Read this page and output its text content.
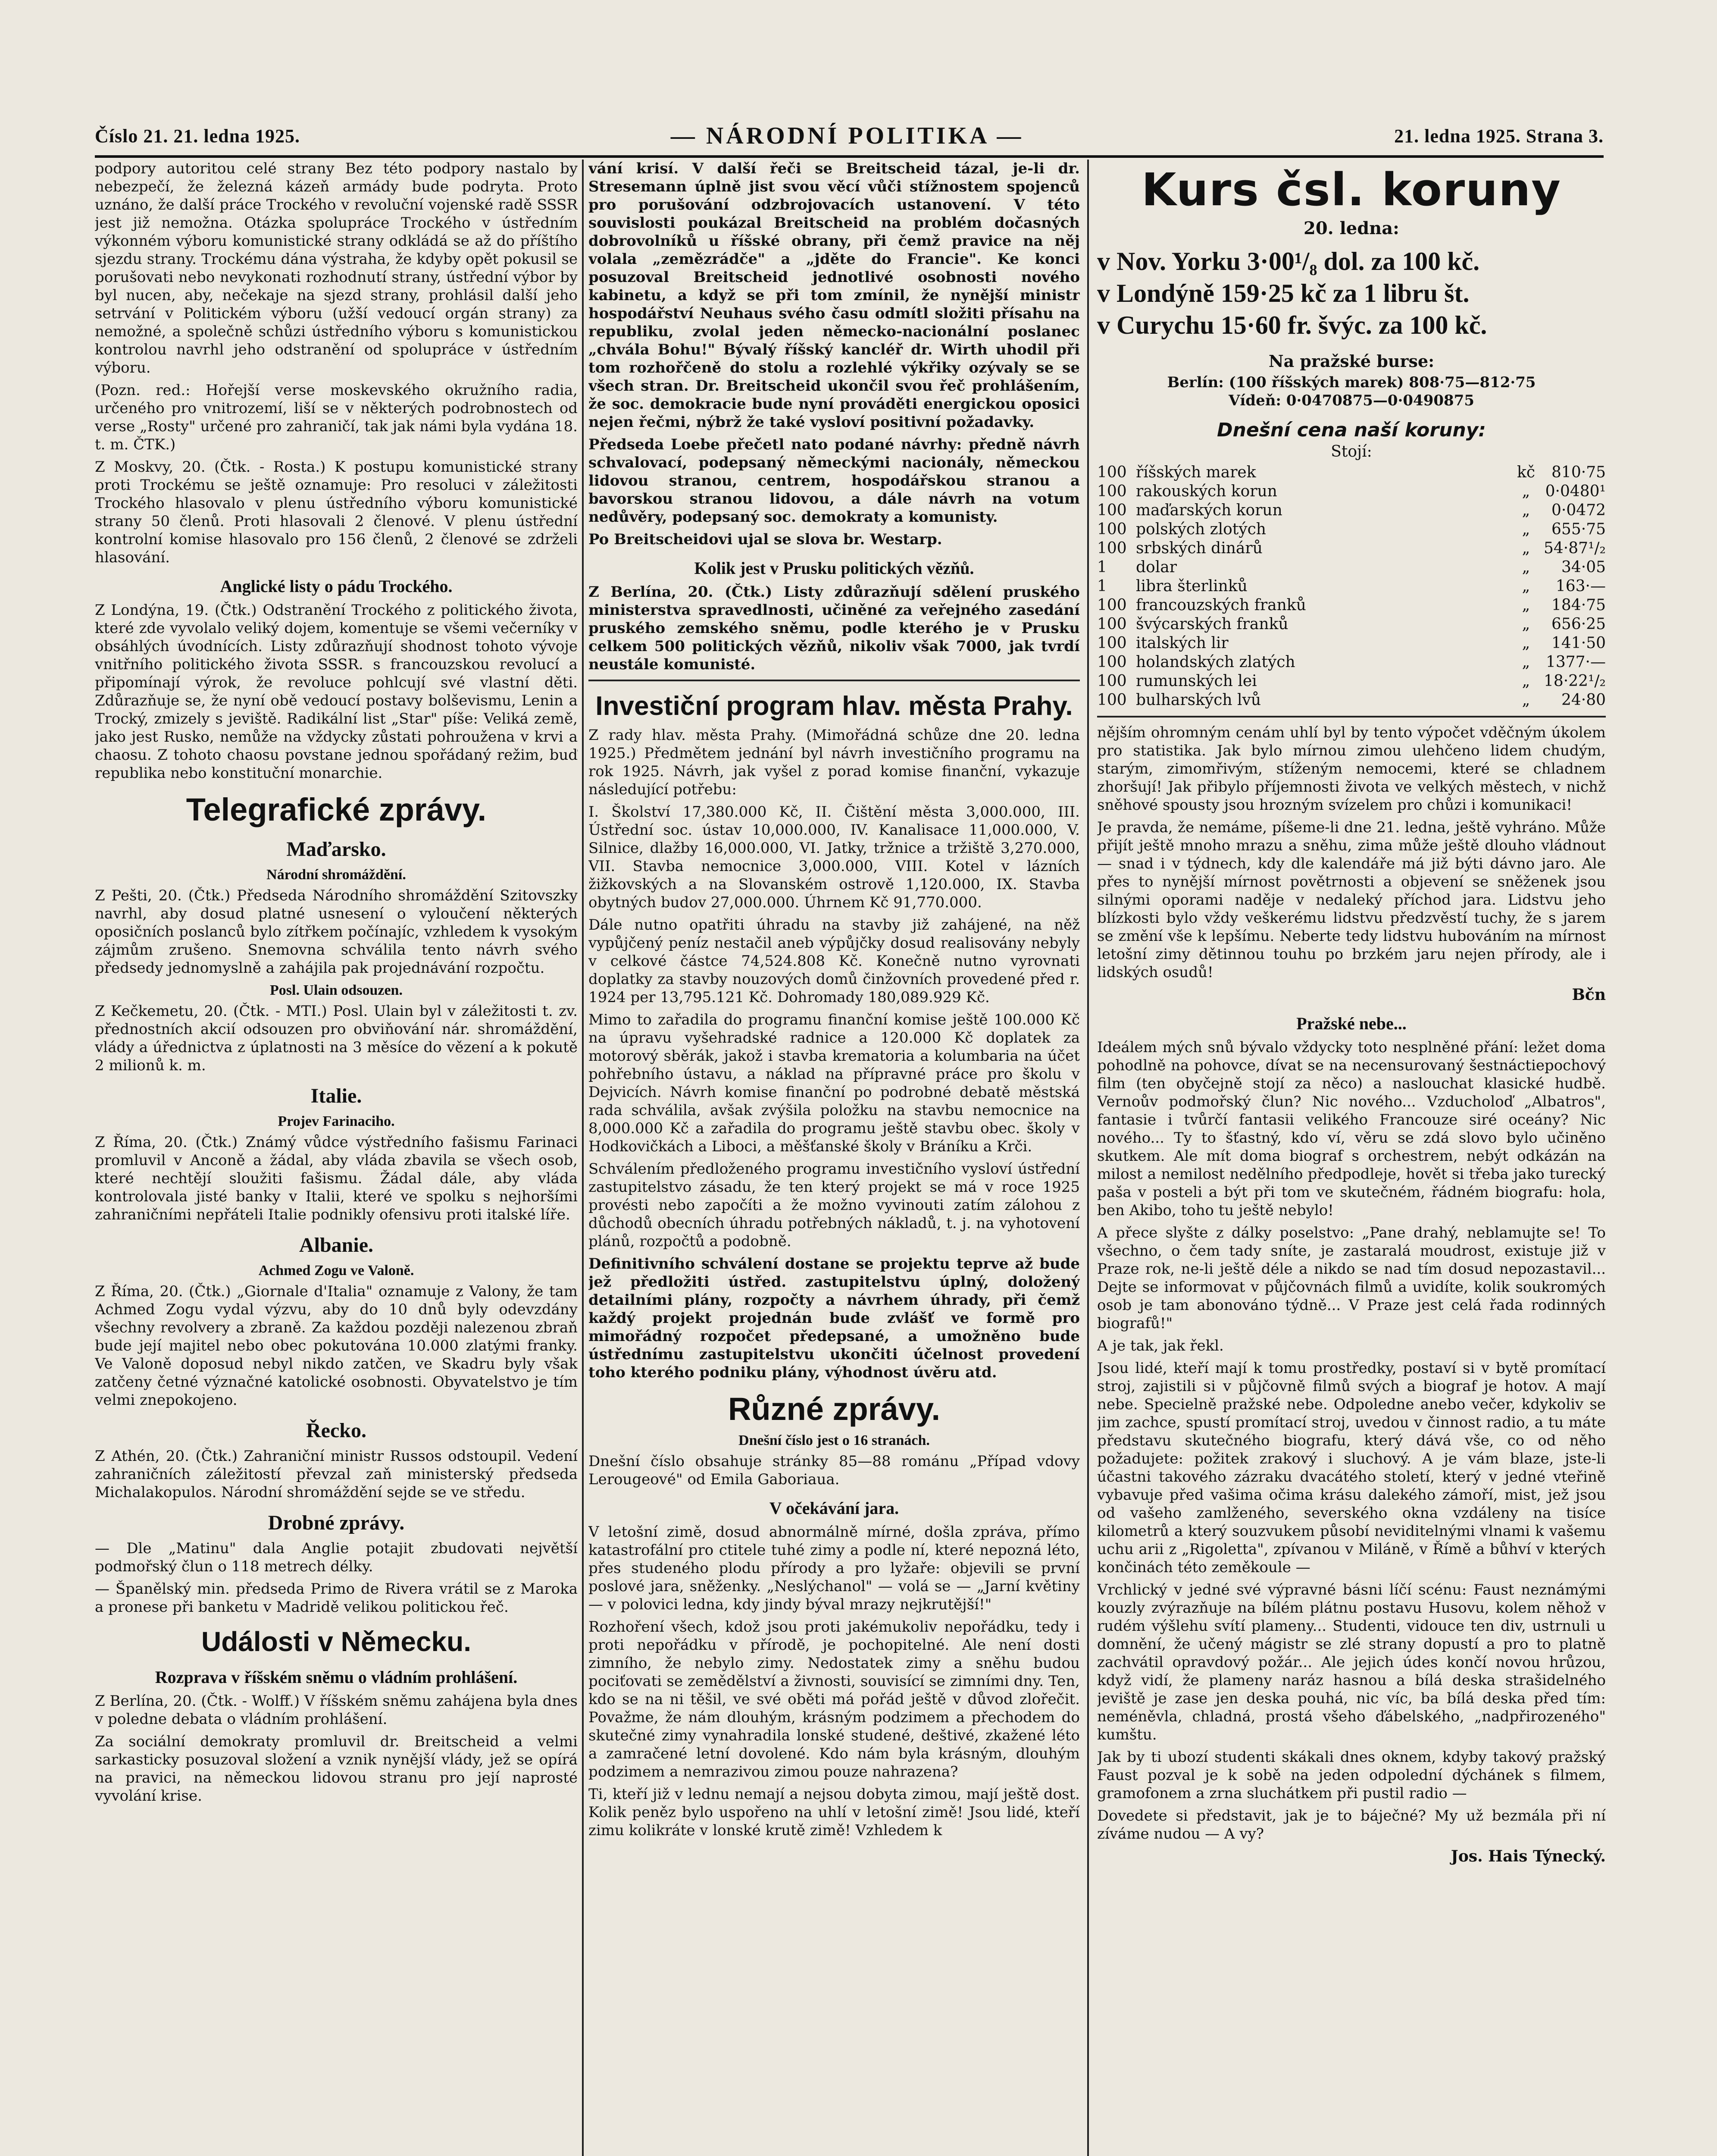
Číslo 21. 21. ledna 1925.	— NÁRODNÍ POLITIKA —	21. ledna 1925. Strana 3.

podpory autoritou celé strany Bez této podpory nastalo by nebezpečí, že železná kázeň armády bude podryta. Proto uznáno, že další práce Trockého v revoluční vojenské radě SSSR jest již nemožna. Otázka spolupráce Trockého v ústředním výkonném výboru komunistické strany odkládá se až do příštího sjezdu strany. Trockému dána výstraha, že kdyby opět pokusil se porušovati nebo nevykonati rozhodnutí strany, ústřední výbor by byl nucen, aby, nečekaje na sjezd strany, prohlásil další jeho setrvání v Politickém výboru (užší vedoucí orgán strany) za nemožné, a společně schůzi ústředního výboru s komunistickou kontrolou navrhl jeho odstranění od spolupráce v ústředním výboru.

(Pozn. red.: Hořejší verse moskevského okružního radia, určeného pro vnitrozemí, liší se v některých podrobnostech od verse „Rosty" určené pro zahraničí, tak jak námi byla vydána 18. t. m. ČTK.)

Z Moskvy, 20. (Čtk. - Rosta.) K postupu komunistické strany proti Trockému se ještě oznamuje: Pro resoluci v záležitosti Trockého hlasovalo v plenu ústředního výboru komunistické strany 50 členů. Proti hlasovali 2 členové. V plenu ústřední kontrolní komise hlasovalo pro 156 členů, 2 členové se zdrželi hlasování.

Anglické listy o pádu Trockého.

Z Londýna, 19. (Čtk.) Odstranění Trockého z politického života, které zde vyvolalo veliký dojem, komentuje se všemi večerníky v obsáhlých úvodnících. Listy zdůrazňují shodnost tohoto vývoje vnitřního politického života SSSR. s francouzskou revolucí a připomínají výrok, že revoluce pohlcují své vlastní děti. Zdůrazňuje se, že nyní obě vedoucí postavy bolševismu, Lenin a Trocký, zmizely s jeviště. Radikální list „Star" píše: Veliká země, jako jest Rusko, nemůže na vždycky zůstati pohroužena v krvi a chaosu. Z tohoto chaosu povstane jednou spořádaný režim, buď republika nebo konstituční monarchie.

Telegrafické zprávy.
Maďarsko.
Národní shromáždění.

Z Pešti, 20. (Čtk.) Předseda Národního shromáždění Szitovszky navrhl, aby dosud platné usnesení o vyloučení některých oposičních poslanců bylo zítřkem počínajíc, vzhledem k vysokým zájmům zrušeno. Snemovna schválila tento návrh svého předsedy jednomyslně a zahájila pak projednávání rozpočtu.

Posl. Ulain odsouzen.

Z Kečkemetu, 20. (Čtk. - MTI.) Posl. Ulain byl v záležitosti t. zv. přednostních akcií odsouzen pro obviňování nár. shromáždění, vlády a úřednictva z úplatnosti na 3 měsíce do vězení a k pokutě 2 milionů k. m.

Italie.
Projev Farinaciho.

Z Říma, 20. (Čtk.) Známý vůdce výstředního fašismu Farinaci promluvil v Anconě a žádal, aby vláda zbavila se všech osob, které nechtějí sloužiti fašismu. Žádal dále, aby vláda kontrolovala jisté banky v Italii, které ve spolku s nejhoršími zahraničními nepřáteli Italie podnikly ofensivu proti italské líře.

Albanie.
Achmed Zogu ve Valoně.

Z Říma, 20. (Čtk.) „Giornale d'Italia" oznamuje z Valony, že tam Achmed Zogu vydal výzvu, aby do 10 dnů byly odevzdány všechny revolvery a zbraně. Za každou později nalezenou zbraň bude její majitel nebo obec pokutována 10.000 zlatými franky. Ve Valoně doposud nebyl nikdo zatčen, ve Skadru byly však zatčeny četné význačné katolické osobnosti. Obyvatelstvo je tím velmi znepokojeno.

Řecko.

Z Athén, 20. (Čtk.) Zahraniční ministr Russos odstoupil. Vedení zahraničních záležitostí převzal zaň ministerský předseda Michalakopulos. Národní shromáždění sejde se ve středu.

Drobné zprávy.

— Dle „Matinu" dala Anglie potajit zbudovati největší podmořský člun o 118 metrech délky.

— Španělský min. předseda Primo de Rivera vrátil se z Maroka a pronese při banketu v Madridě velikou politickou řeč.

Události v Německu.
Rozprava v říšském sněmu o vládním prohlášení.

Z Berlína, 20. (Čtk. - Wolff.) V říšském sněmu zahájena byla dnes v poledne debata o vládním prohlášení.

Za sociální demokraty promluvil dr. Breitscheid a velmi sarkasticky posuzoval složení a vznik nynější vlády, jež se opírá na pravici, na německou lidovou stranu pro její naprosté vyvolání krise.

vání krisí. V další řeči se Breitscheid tázal, je-li dr. Stresemann úplně jist svou věcí vůči stížnostem spojenců pro porušování odzbrojovacích ustanovení. V této souvislosti poukázal Breitscheid na problém dočasných dobrovolníků u říšské obrany, při čemž pravice na něj volala „zemězrádče" a „jděte do Francie". Ke konci posuzoval Breitscheid jednotlivé osobnosti nového kabinetu, a když se při tom zmínil, že nynější ministr hospodářství Neuhaus svého času odmítl složiti přísahu na republiku, zvolal jeden německo-nacionální poslanec „chvála Bohu!" Bývalý říšský kancléř dr. Wirth uhodil při tom rozhořčeně do stolu a rozlehlé výkřiky ozývaly se se všech stran. Dr. Breitscheid ukončil svou řeč prohlášením, že soc. demokracie bude nyní prováděti energickou oposici nejen řečmi, nýbrž že také vysloví positivní požadavky.

Předseda Loebe přečetl nato podané návrhy: předně návrh schvalovací, podepsaný německými nacionály, německou lidovou stranou, centrem, hospodářskou stranou a bavorskou stranou lidovou, a dále návrh na votum nedůvěry, podepsaný soc. demokraty a komunisty.

Po Breitscheidovi ujal se slova br. Westarp.

Kolik jest v Prusku politických vězňů.

Z Berlína, 20. (Čtk.) Listy zdůrazňují sdělení pruského ministerstva spravedlnosti, učiněné za veřejného zasedání pruského zemského sněmu, podle kterého je v Prusku celkem 500 politických vězňů, nikoliv však 7000, jak tvrdí neustále komunisté.

Investiční program hlav. města Prahy.

Z rady hlav. města Prahy. (Mimořádná schůze dne 20. ledna 1925.) Předmětem jednání byl návrh investičního programu na rok 1925. Návrh, jak vyšel z porad komise finanční, vykazuje následující potřebu:

I. Školství 17,380.000 Kč, II. Čištění města 3,000.000, III. Ústřední soc. ústav 10,000.000, IV. Kanalisace 11,000.000, V. Silnice, dlažby 16,000.000, VI. Jatky, tržnice a tržiště 3,270.000, VII. Stavba nemocnice 3,000.000, VIII. Kotel v lázních žižkovských a na Slovanském ostrově 1,120.000, IX. Stavba obytných budov 27,000.000. Úhrnem Kč 91,770.000.

Dále nutno opatřiti úhradu na stavby již zahájené, na něž vypůjčený peníz nestačil aneb výpůjčky dosud realisovány nebyly v celkové částce 74,524.808 Kč. Konečně nutno vyrovnati doplatky za stavby nouzových domů činžovních provedené před r. 1924 per 13,795.121 Kč. Dohromady 180,089.929 Kč.

Mimo to zařadila do programu finanční komise ještě 100.000 Kč na úpravu vyšehradské radnice a 120.000 Kč doplatek za motorový sběrák, jakož i stavba krematoria a kolumbaria na účet pohřebního ústavu, a náklad na přípravné práce pro školu v Dejvicích. Návrh komise finanční po podrobné debatě městská rada schválila, avšak zvýšila položku na stavbu nemocnice na 8,000.000 Kč a zařadila do programu ještě stavbu obec. školy v Hodkovičkách a Liboci, a měšťanské školy v Bráníku a Krči.

Schválením předloženého programu investičního vysloví ústřední zastupitelstvo zásadu, že ten který projekt se má v roce 1925 provésti nebo započíti a že možno vyvinouti zatím zálohou z důchodů obecních úhradu potřebných nákladů, t. j. na vyhotovení plánů, rozpočtů a podobně.

Definitivního schválení dostane se projektu teprve až bude jež předložiti ústřed. zastupitelstvu úplný, doložený detailními plány, rozpočty a návrhem úhrady, při čemž každý projekt projednán bude zvlášť ve formě pro mimořádný rozpočet předepsané, a umožněno bude ústřednímu zastupitelstvu ukončiti účelnost provedení toho kterého podniku plány, výhodnost úvěru atd.

Různé zprávy.
Dnešní číslo jest o 16 stranách.

Dnešní číslo obsahuje stránky 85—88 románu „Případ vdovy Lerougeové" od Emila Gaboriaua.

V očekávání jara.

V letošní zimě, dosud abnormálně mírné, došla zpráva, přímo katastrofální pro ctitele tuhé zimy a podle ní, které nepozná léto, přes studeného plodu přírody a pro lyžaře: objevili se první poslové jara, sněženky. „Neslýchanol" — volá se — „Jarní květiny — v polovici ledna, kdy jindy býval mrazy nejkrutější!"

Rozhoření všech, kdož jsou proti jakémukoliv nepořádku, tedy i proti nepořádku v přírodě, je pochopitelné. Ale není dosti zimního, že nebylo zimy. Nedostatek zimy a sněhu budou pociťovati se zemědělství a živnosti, souvisící se zimními dny. Ten, kdo se na ni těšil, ve své oběti má pořád ještě v důvod zlořečit. Považme, že nám dlouhým, krásným podzimem a přechodem do skutečné zimy vynahradila lonské studené, deštivé, zkažené léto a zamračené letní dovolené. Kdo nám byla krásným, dlouhým podzimem a nemrazivou zimou pouze nahrazena?

Ti, kteří již v lednu nemají a nejsou dobyta zimou, mají ještě dost. Kolik peněz bylo uspořeno na uhlí v letošní zimě! Jsou lidé, kteří zimu kolikráte v lonské krutě zimě! Vzhledem k

Kurs čsl. koruny
20. ledna:
v Nov. Yorku 3·00¹/₈ dol. za 100 kč.
v Londýně 159·25 kč za 1 libru št.
v Curychu 15·60 fr. švýc. za 100 kč.
Na pražské burse:
Berlín: (100 říšských marek) 808·75—812·75
Vídeň: 0·0470875—0·0490875
Dnešní cena naší koruny:
Stojí:
100	říšských marek	kč	810·75
100	rakouských korun	„	0·0480¹
100	maďarských korun	„	0·0472
100	polských zlotých	„	655·75
100	srbských dinárů	„	54·87¹/₂
1	dolar	„	34·05
1	libra šterlinků	„	163·—
100	francouzských franků	„	184·75
100	švýcarských franků	„	656·25
100	italských lir	„	141·50
100	holandských zlatých	„	1377·—
100	rumunských lei	„	18·22¹/₂
100	bulharských lvů	„	24·80

nějším ohromným cenám uhlí byl by tento výpočet vděčným úkolem pro statistika. Jak bylo mírnou zimou ulehčeno lidem chudým, starým, zimomřivým, stíženým nemocemi, které se chladnem zhoršují! Jak přibylo příjemnosti života ve velkých městech, v nichž sněhové spousty jsou hrozným svízelem pro chůzi i komunikaci!

Je pravda, že nemáme, píšeme-li dne 21. ledna, ještě vyhráno. Může přijít ještě mnoho mrazu a sněhu, zima může ještě dlouho vládnout — snad i v týdnech, kdy dle kalendáře má již býti dávno jaro. Ale přes to nynější mírnost povětrnosti a objevení se sněženek jsou silnými oporami naděje v nedaleký příchod jara. Lidstvu jeho blízkosti bylo vždy veškerému lidstvu předzvěstí tuchy, že s jarem se změní vše k lepšímu. Neberte tedy lidstvu hubováním na mírnost letošní zimy dětinnou touhu po brzkém jaru nejen přírody, ale i lidských osudů!

Bčn
Pražské nebe...

Ideálem mých snů bývalo vždycky toto nesplněné přání: ležet doma pohodlně na pohovce, dívat se na necensurovaný šestnáctiepochový film (ten obyčejně stojí za něco) a naslouchat klasické hudbě. Vernoův podmořský člun? Nic nového... Vzducholoď „Albatros", fantasie i tvůrčí fantasii velikého Francouze siré oceány? Nic nového... Ty to šťastný, kdo ví, věru se zdá slovo bylo učiněno skutkem. Ale mít doma biograf s orchestrem, nebýt odkázán na milost a nemilost nedělního předpodleje, hovět si třeba jako turecký paša v posteli a být při tom ve skutečném, řádném biografu: hola, ben Akibo, toho tu ještě nebylo!

A přece slyšte z dálky poselstvo: „Pane drahý, neblamujte se! To všechno, o čem tady sníte, je zastaralá moudrost, existuje již v Praze rok, ne-li ještě déle a nikdo se nad tím dosud nepozastavil... Dejte se informovat v půjčovnách filmů a uvidíte, kolik soukromých osob je tam abonováno týdně... V Praze jest celá řada rodinných biografů!"

A je tak, jak řekl.

Jsou lidé, kteří mají k tomu prostředky, postaví si v bytě promítací stroj, zajistili si v půjčovně filmů svých a biograf je hotov. A mají nebe. Specielně pražské nebe. Odpoledne anebo večer, kdykoliv se jim zachce, spustí promítací stroj, uvedou v činnost radio, a tu máte představu skutečného biografu, který dává vše, co od něho požadujete: požitek zrakový i sluchový. A je vám blaze, jste-li účastni takového zázraku dvacátého století, který v jedné vteřině vybavuje před vašima očima krásu dalekého zámoří, mist, jež jsou od vašeho zamlženého, severského okna vzdáleny na tisíce kilometrů a který souzvukem působí neviditelnými vlnami k vašemu uchu arii z „Rigoletta", zpívanou v Miláně, v Římě a bůhví v kterých končinách této zeměkoule —

Vrchlický v jedné své výpravné básni líčí scénu: Faust neznámými kouzly zvýrazňuje na bílém plátnu postavu Husovu, kolem něhož v rudém výšlehu svítí plameny... Studenti, vidouce ten div, ustrnuli u domnění, že učený mágistr se zlé strany dopustí a pro to platně zachvátil opravdový požár... Ale jejich údes končí novou hrůzou, když vidí, že plameny naráz hasnou a bílá deska strašidelného jeviště je zase jen deska pouhá, nic víc, ba bílá deska před tím: neméněvla, chladná, prostá všeho ďábelského, „nadpřirozeného" kumštu.

Jak by ti ubozí studenti skákali dnes oknem, kdyby takový pražský Faust pozval je k sobě na jeden odpolední dýchánek s filmem, gramofonem a zrna sluchátkem při pustil radio —

Dovedete si představit, jak je to báječné? My už bezmála při ní zíváme nudou — A vy?

Jos. Hais Týnecký.
